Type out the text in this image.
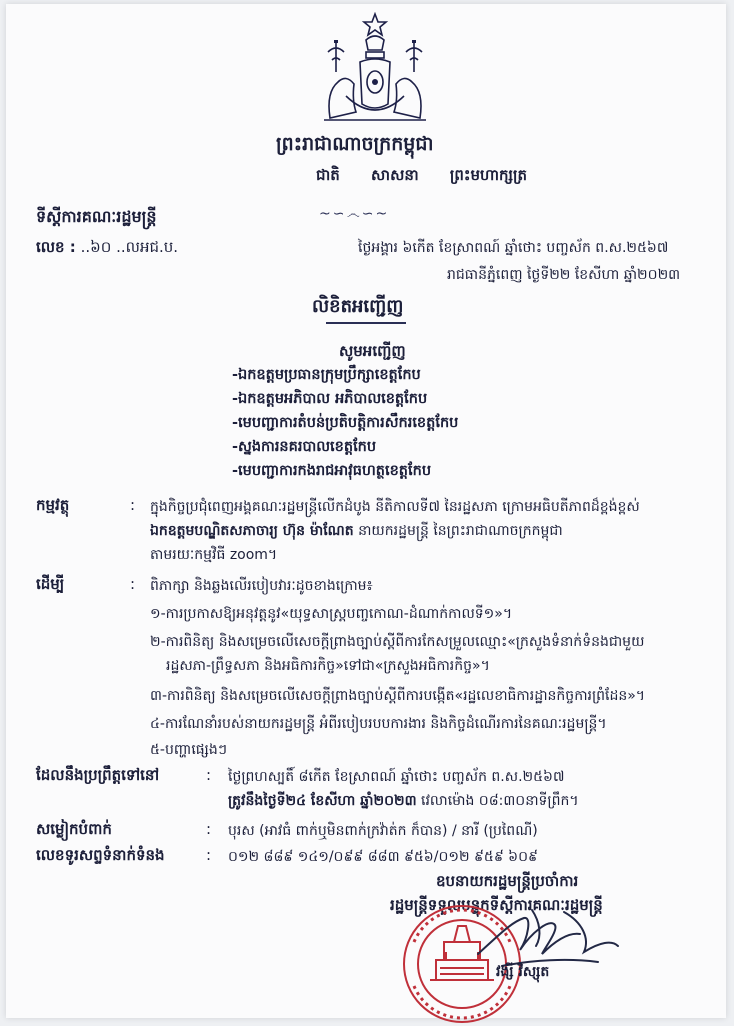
ព្រះរាជាណាចក្រកម្ពុជា
ជាតិ សាសនា ព្រះមហាក្សត្រ
~∽෴∽~
ទីស្តីការគណៈរដ្ឋមន្ត្រី
លេខ : ..៦០ ..លអជ.ប.	ថ្ងៃអង្គារ ៦កើត ខែស្រាពណ៍ ឆ្នាំថោះ បញ្ចស័ក ព.ស.២៥៦៧
រាជធានីភ្នំពេញ ថ្ងៃទី២២ ខែសីហា ឆ្នាំ២០២៣
លិខិតអញ្ជើញ
សូមអញ្ជើញ
-ឯកឧត្តមប្រធានក្រុមប្រឹក្សាខេត្តកែប
-ឯកឧត្តមអភិបាល អភិបាលខេត្តកែប
-មេបញ្ជាការតំបន់ប្រតិបត្តិការសឹករខេត្តកែប
-ស្នងការនគរបាលខេត្តកែប
-មេបញ្ជាការកងរាជអាវុធហត្ថខេត្តកែប
កម្មវត្ថុ	: ក្នុងកិច្ចប្រជុំពេញអង្គគណៈរដ្ឋមន្ត្រីលើកដំបូង នីតិកាលទី៧ នៃរដ្ឋសភា ក្រោមអធិបតីភាពដ៏ខ្ពង់ខ្ពស់
ឯកឧត្តមបណ្ឌិតសភាចារ្យ ហ៊ុន ម៉ាណែត នាយករដ្ឋមន្ត្រី នៃព្រះរាជាណាចក្រកម្ពុជា
តាមរយៈកម្មវិធី zoom។
ដើម្បី	: ពិភាក្សា និងឆ្លងលើរបៀបវារៈដូចខាងក្រោម៖
១-ការប្រកាសឱ្យអនុវត្តនូវ«យុទ្ធសាស្ត្របញ្ចកោណ-ដំណាក់កាលទី១»។
២-ការពិនិត្យ និងសម្រេចលើសេចក្តីព្រាងច្បាប់ស្តីពីការកែសម្រួលឈ្មោះ«ក្រសួងទំនាក់ទំនងជាមួយ
រដ្ឋសភា-ព្រឹទ្ធសភា និងអធិការកិច្ច»ទៅជា«ក្រសួងអធិការកិច្ច»។
៣-ការពិនិត្យ និងសម្រេចលើសេចក្តីព្រាងច្បាប់ស្តីពីការបង្កើត«រដ្ឋលេខាធិការដ្ឋានកិច្ចការព្រំដែន»។
៤-ការណែនាំរបស់នាយករដ្ឋមន្ត្រី អំពីរបៀបរបបការងារ និងកិច្ចដំណើរការនៃគណៈរដ្ឋមន្ត្រី។
៥-បញ្ហាផ្សេងៗ
ដែលនឹងប្រព្រឹត្តទៅនៅ	: ថ្ងៃព្រហស្បតិ៍ ៨កើត ខែស្រាពណ៍ ឆ្នាំថោះ បញ្ចស័ក ព.ស.២៥៦៧
ត្រូវនឹងថ្ងៃទី២៤ ខែសីហា ឆ្នាំ២០២៣ វេលាម៉ោង ០៨:៣០នាទីព្រឹក។
សម្លៀកបំពាក់	: បុរស (អាវធំ ពាក់ឬមិនពាក់ក្រវ៉ាត់ក ក៏បាន) / នារី (ប្រពៃណី)
លេខទូរសព្ទទំនាក់ទំនង	: ០១២ ៨៨៩ ១៤១/០៩៩ ៨៨៣ ៩៥៦/០១២ ៩៥៩ ៦០៩
ឧបនាយករដ្ឋមន្ត្រីប្រចាំការ
រដ្ឋមន្ត្រីទទួលបន្ទុកទីស្តីការគណៈរដ្ឋមន្ត្រី
វង្សី វិស្សុត
